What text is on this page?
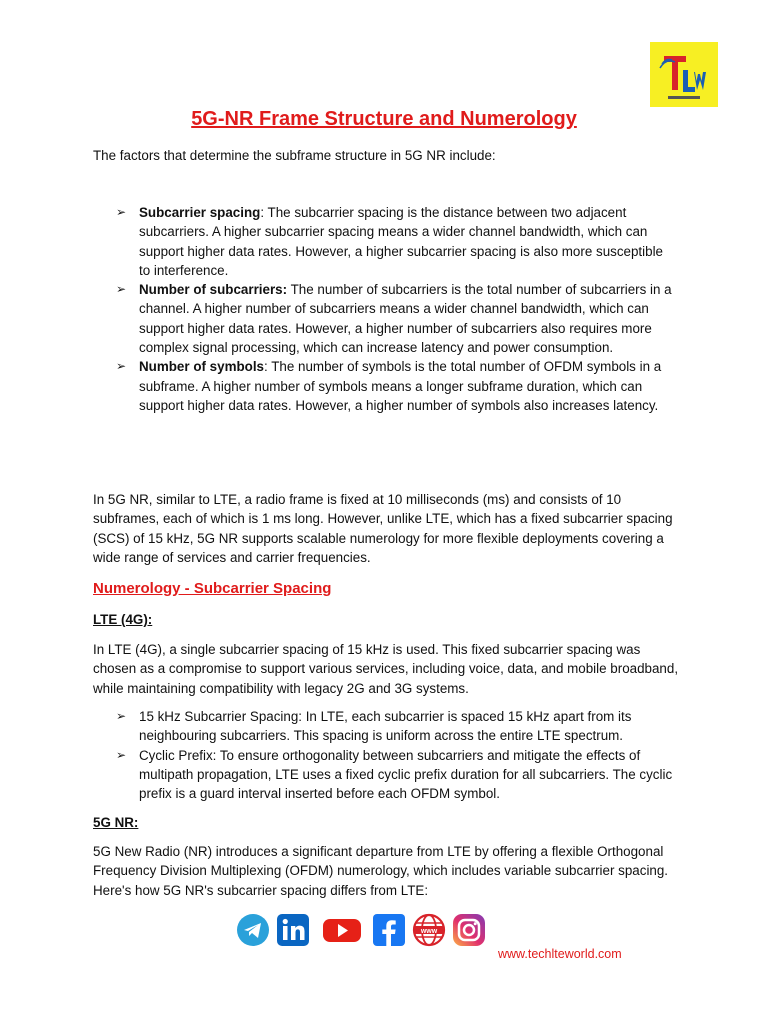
5G-NR Frame Structure and Numerology
The factors that determine the subframe structure in 5G NR include:
➢ Subcarrier spacing: The subcarrier spacing is the distance between two adjacent subcarriers. A higher subcarrier spacing means a wider channel bandwidth, which can support higher data rates. However, a higher subcarrier spacing is also more susceptible to interference.
➢ Number of subcarriers: The number of subcarriers is the total number of subcarriers in a channel. A higher number of subcarriers means a wider channel bandwidth, which can support higher data rates. However, a higher number of subcarriers also requires more complex signal processing, which can increase latency and power consumption.
➢ Number of symbols: The number of symbols is the total number of OFDM symbols in a subframe. A higher number of symbols means a longer subframe duration, which can support higher data rates. However, a higher number of symbols also increases latency.
In 5G NR, similar to LTE, a radio frame is fixed at 10 milliseconds (ms) and consists of 10 subframes, each of which is 1 ms long. However, unlike LTE, which has a fixed subcarrier spacing (SCS) of 15 kHz, 5G NR supports scalable numerology for more flexible deployments covering a wide range of services and carrier frequencies.
Numerology - Subcarrier Spacing
LTE (4G):
In LTE (4G), a single subcarrier spacing of 15 kHz is used. This fixed subcarrier spacing was chosen as a compromise to support various services, including voice, data, and mobile broadband, while maintaining compatibility with legacy 2G and 3G systems.
➢ 15 kHz Subcarrier Spacing: In LTE, each subcarrier is spaced 15 kHz apart from its neighbouring subcarriers. This spacing is uniform across the entire LTE spectrum.
➢ Cyclic Prefix: To ensure orthogonality between subcarriers and mitigate the effects of multipath propagation, LTE uses a fixed cyclic prefix duration for all subcarriers. The cyclic prefix is a guard interval inserted before each OFDM symbol.
5G NR:
5G New Radio (NR) introduces a significant departure from LTE by offering a flexible Orthogonal Frequency Division Multiplexing (OFDM) numerology, which includes variable subcarrier spacing. Here's how 5G NR's subcarrier spacing differs from LTE:
www
www.techlteworld.com
